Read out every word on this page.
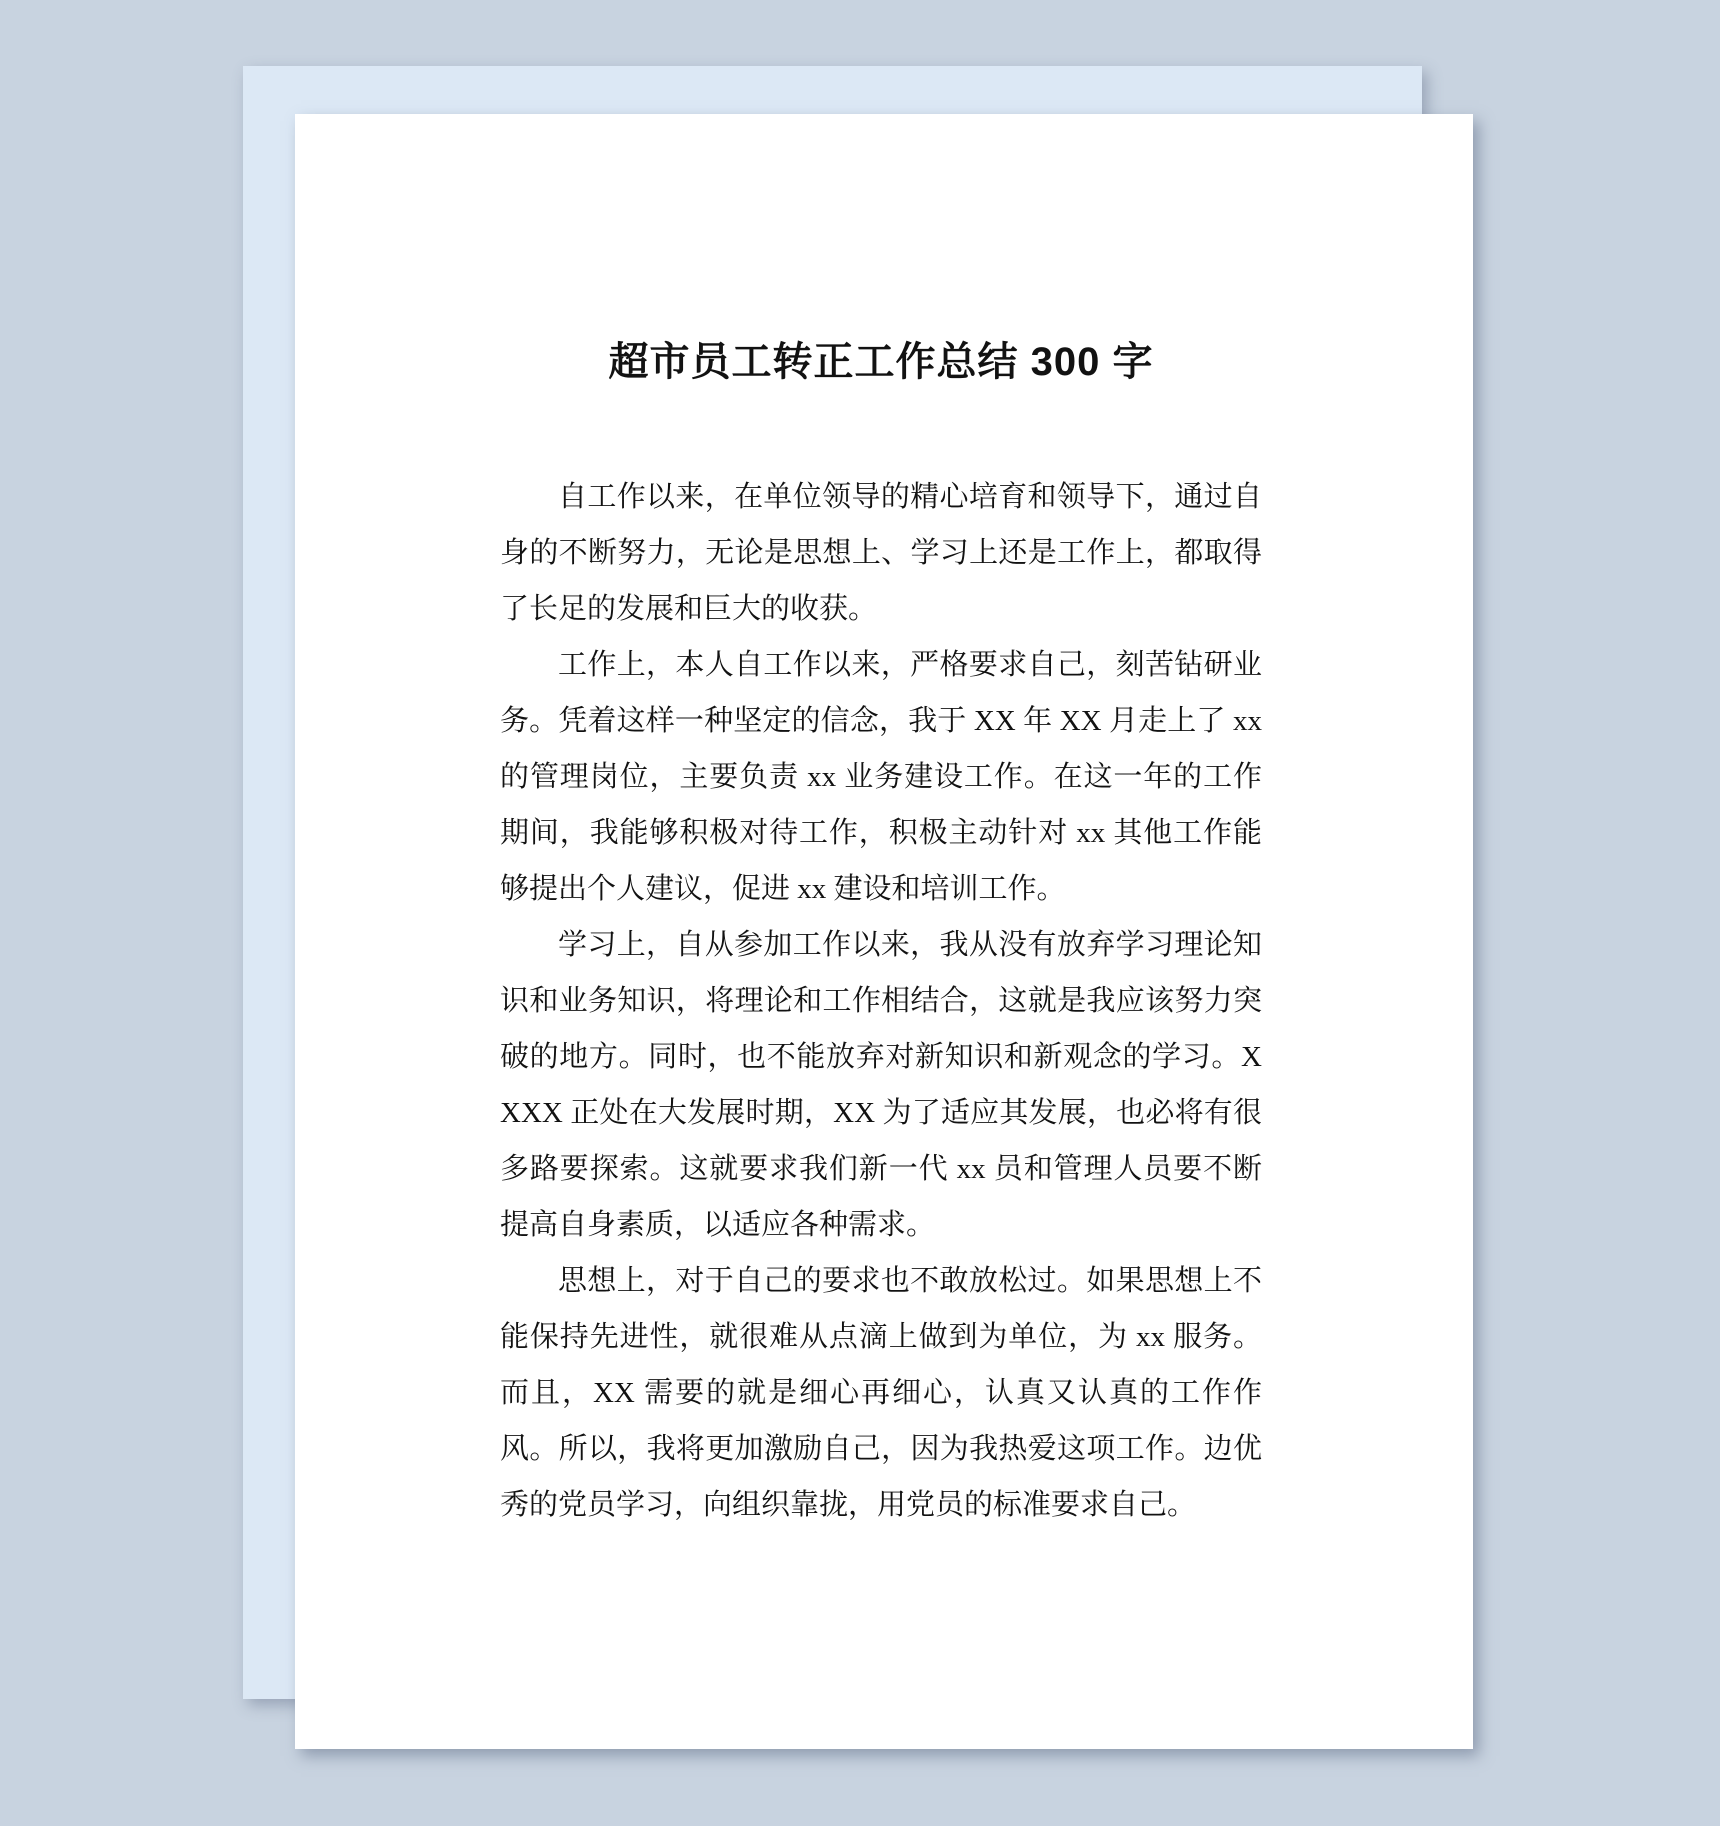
超市员工转正工作总结 300 字

自工作以来，在单位领导的精心培育和领导下，通过自身的不断努力，无论是思想上、学习上还是工作上，都取得了长足的发展和巨大的收获。

工作上，本人自工作以来，严格要求自己，刻苦钻研业务。凭着这样一种坚定的信念，我于 XX 年 XX 月走上了 xx 的管理岗位，主要负责 xx 业务建设工作。在这一年的工作期间，我能够积极对待工作，积极主动针对 xx 其他工作能够提出个人建议，促进 xx 建设和培训工作。

学习上，自从参加工作以来，我从没有放弃学习理论知识和业务知识，将理论和工作相结合，这就是我应该努力突破的地方。同时，也不能放弃对新知识和新观念的学习。XXXX 正处在大发展时期，XX 为了适应其发展，也必将有很多路要探索。这就要求我们新一代 xx 员和管理人员要不断提高自身素质，以适应各种需求。

思想上，对于自己的要求也不敢放松过。如果思想上不能保持先进性，就很难从点滴上做到为单位，为 xx 服务。而且，XX 需要的就是细心再细心，认真又认真的工作作风。所以，我将更加激励自己，因为我热爱这项工作。边优秀的党员学习，向组织靠拢，用党员的标准要求自己。
